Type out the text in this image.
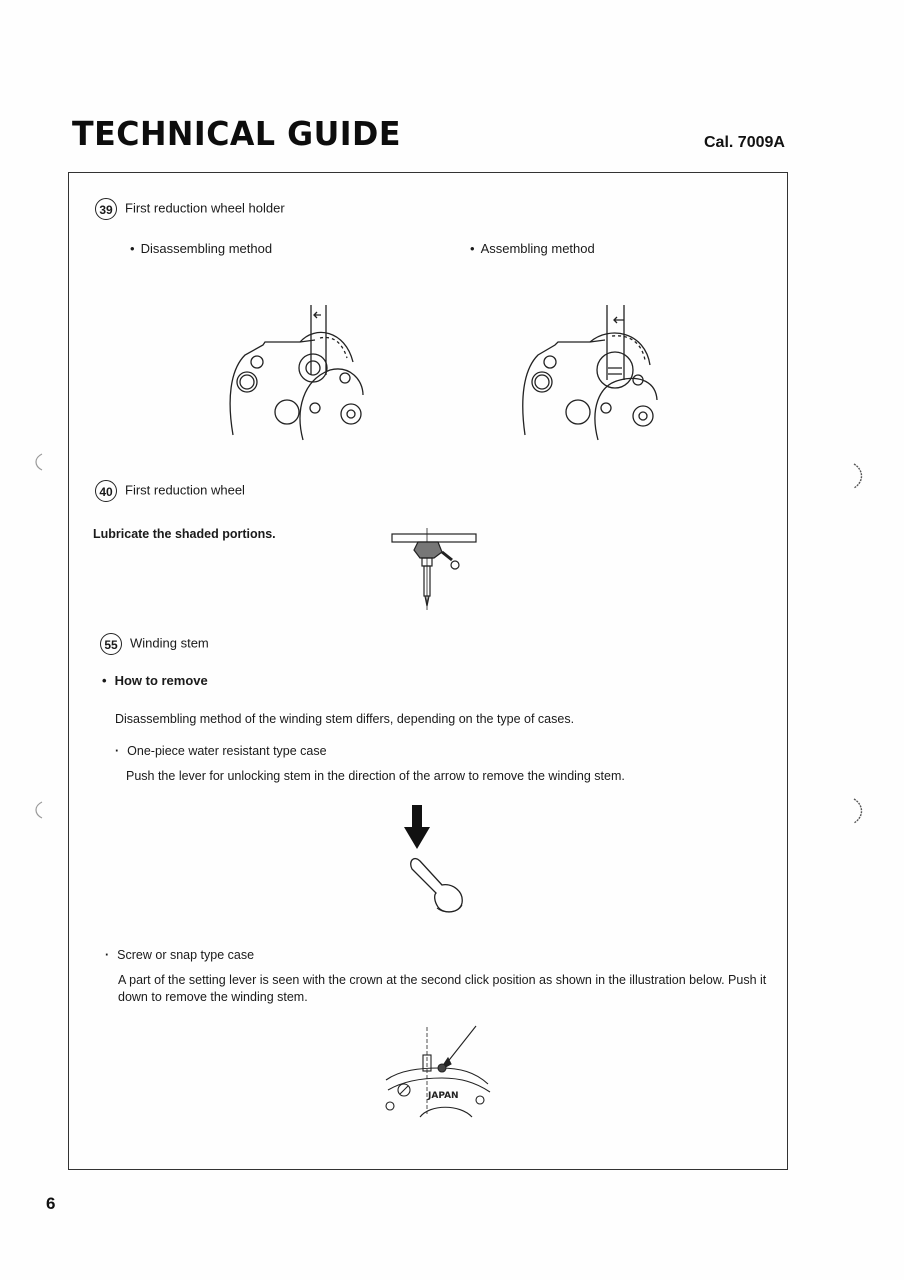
TECHNICAL GUIDE	Cal. 7009A
39 First reduction wheel holder
• Disassembling method	• Assembling method
40 First reduction wheel
Lubricate the shaded portions.
55 Winding stem
• How to remove
Disassembling method of the winding stem differs, depending on the type of cases.
· One-piece water resistant type case
Push the lever for unlocking stem in the direction of the arrow to remove the winding stem.
· Screw or snap type case
A part of the setting lever is seen with the crown at the second click position as shown in the illustration below. Push it down to remove the winding stem.
JAPAN
6
